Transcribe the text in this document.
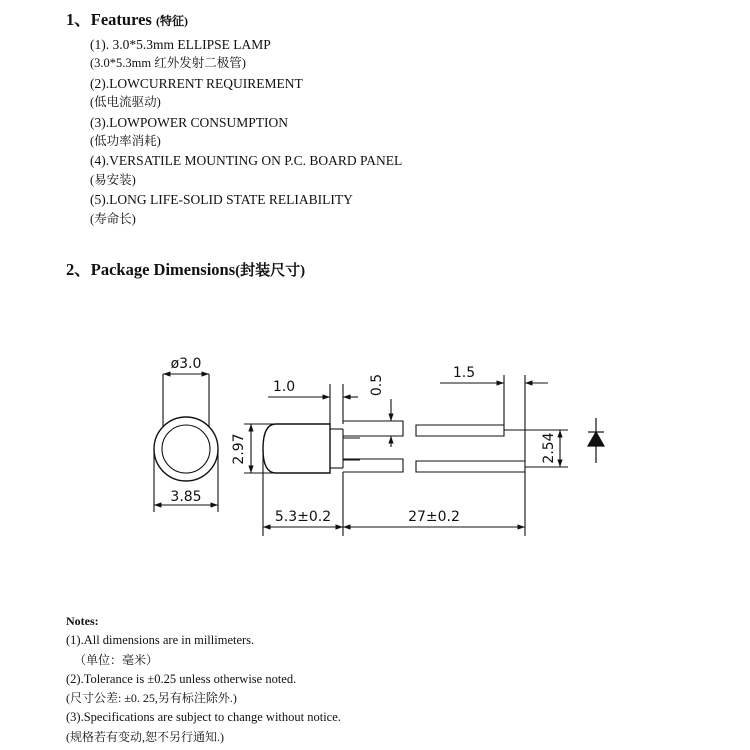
1、Features (特征)
(1). 3.0*5.3mm ELLIPSE LAMP
(3.0*5.3mm 红外发射二极管)
(2).LOWCURRENT REQUIREMENT
(低电流驱动)
(3).LOWPOWER CONSUMPTION
(低功率消耗)
(4).VERSATILE MOUNTING ON P.C. BOARD PANEL
(易安装)
(5).LONG LIFE-SOLID STATE RELIABILITY
(寿命长)
2、Package Dimensions(封装尺寸)
ø3.0
3.85
1.0	0.5
2.97
5.3±0.2	27±0.2
1.5
2.54
Notes:
(1).All dimensions are in millimeters.
（单位：毫米）
(2).Tolerance is ±0.25 unless otherwise noted.
(尺寸公差: ±0. 25,另有标注除外.)
(3).Specifications are subject to change without notice.
(规格若有变动,恕不另行通知.)
